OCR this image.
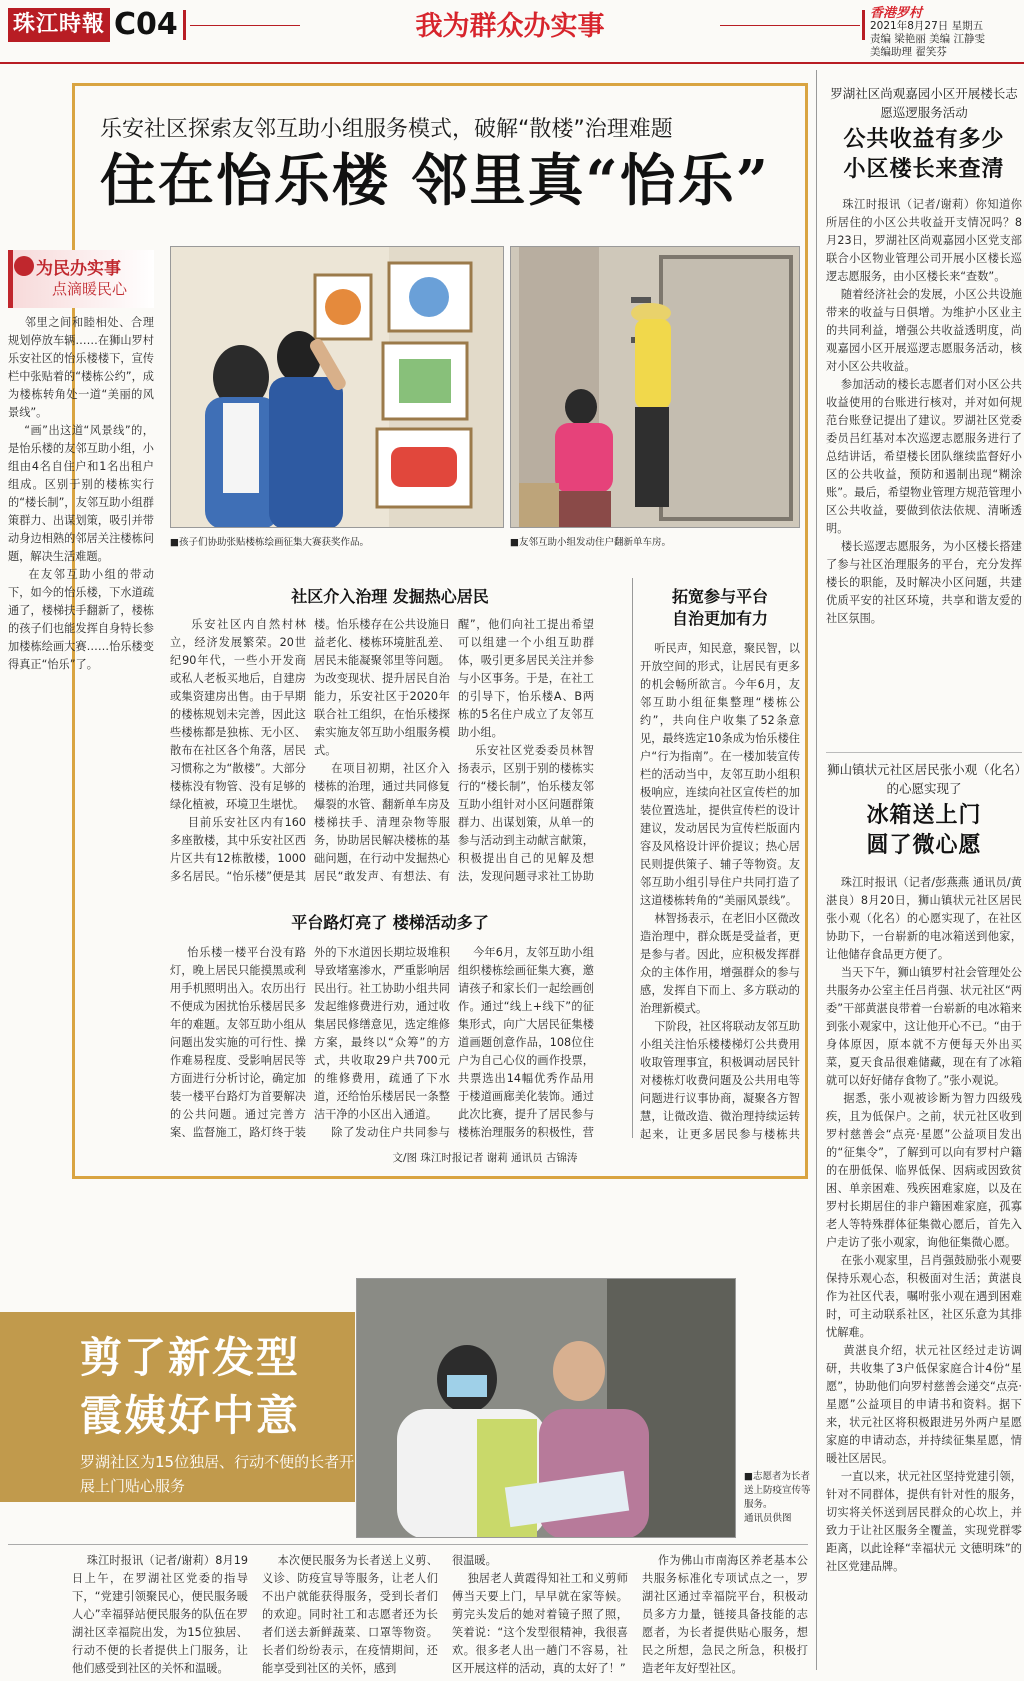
珠江時報 C04	我为群众办实事	香港罗村
2021年8月27日 星期五
责编 梁艳丽 美编 江静雯
美编助理 翟笑芬
乐安社区探索友邻互助小组服务模式，破解“散楼”治理难题
住在怡乐楼 邻里真“怡乐”
■孩子们协助张贴楼栋绘画征集大赛获奖作品。	■友邻互助小组发动住户翻新单车房。
为民办实事
点滴暖民心
邻里之间和睦相处、合理规划停放车辆……在狮山罗村乐安社区的怡乐楼楼下，宣传栏中张贴着的“楼栋公约”，成为楼栋转角处一道“美丽的风景线”。
“画”出这道“风景线”的，是怡乐楼的友邻互助小组，小组由4名自住户和1名出租户组成。区别于别的楼栋实行的“楼长制”，友邻互助小组群策群力、出谋划策，吸引并带动身边相熟的邻居关注楼栋问题，解决生活难题。
在友邻互助小组的带动下，如今的怡乐楼，下水道疏通了，楼梯扶手翻新了，楼栋的孩子们也能发挥自身特长参加楼栋绘画大赛……怡乐楼变得真正“怡乐”了。
社区介入治理 发掘热心居民
乐安社区内自然村林立，经济发展繁荣。20世纪90年代，一些小开发商或私人老板买地后，自建房或集资建房出售。由于早期的楼栋规划未完善，因此这些楼栋都是独栋、无小区、散布在社区各个角落，居民习惯称之为“散楼”。大部分楼栋没有物管、没有足够的绿化植被，环境卫生堪忧。
目前乐安社区内有160多座散楼，其中乐安社区西片区共有12栋散楼，1000多名居民。“怡乐楼”便是其
楼。怡乐楼存在公共设施日益老化、楼栋环境脏乱差、居民未能凝聚邻里等问题。为改变现状、提升居民自治能力，乐安社区于2020年联合社工组织，在怡乐楼探索实施友邻互助小组服务模式。
在项目初期，社区介入楼栋的治理，通过共同修复爆裂的水管、翻新单车房及楼梯扶手、清理杂物等服务，协助居民解决楼栋的基础问题，在行动中发掘热心居民“敢发声、有想法、有
醒”，他们向社工提出希望可以组建一个小组互助群体，吸引更多居民关注并参与小区事务。于是，在社工的引导下，怡乐楼A、B两栋的5名住户成立了友邻互助小组。
乐安社区党委委员林智扬表示，区别于别的楼栋实行的“楼长制”，怡乐楼友邻互助小组针对小区问题群策群力、出谋划策，从单一的参与活动到主动献言献策，积极提出自己的见解及想法，发现问题寻求社工协助
拓宽参与平台
自治更加有力
听民声，知民意，聚民智，以开放空间的形式，让居民有更多的机会畅所欲言。今年6月，友邻互助小组征集整理“楼栋公约”，共向住户收集了52条意见，最终选定10条成为怡乐楼住户“行为指南”。在一楼加装宣传栏的活动当中，友邻互助小组积极响应，连续向社区宣传栏的加装位置选址，提供宣传栏的设计建议，发动居民为宣传栏版面内容及风格设计评价提议；热心居民则提供策子、辅子等物资。友邻互助小组引导住户共同打造了这道楼栋转角的“美丽风景线”。
林智扬表示，在老旧小区微改造治理中，群众既是受益者，更是参与者。因此，应积极发挥群众的主体作用，增强群众的参与感，发挥自下而上、多方联动的治理新模式。
下阶段，社区将联动友邻互助小组关注怡乐楼楼梯灯公共费用收取管理事宜，积极调动居民针对楼栋灯收费问题及公共用电等问题进行议事协商，凝聚各方智慧，让微改造、微治理持续运转起来，让更多居民参与楼栋共
平台路灯亮了 楼梯活动多了
怡乐楼一楼平台没有路灯，晚上居民只能摸黑或利用手机照明出入。农历出行不便成为困扰怡乐楼居民多年的难题。友邻互助小组从问题出发实施的可行性、操作难易程度、受影响居民等方面进行分析讨论，确定加装一楼平台路灯为首要解决的公共问题。通过完善方案、监督施工，路灯终于装

外的下水道因长期垃圾堆积导致堵塞渗水，严重影响居民出行。社工协助小组共同发起维修费进行劝，通过收集居民修缮意见，选定维修方案，最终以“众筹”的方式，共收取29户共700元的维修费用，疏通了下水道，还给怡乐楼居民一条整洁干净的小区出入通道。
除了发动住户共同参与
今年6月，友邻互助小组组织楼栋绘画征集大赛，邀请孩子和家长们一起绘画创作。通过“线上+线下”的征集形式，向广大居民征集楼道画题创意作品，108位住户为自己心仪的画作投票，共票选出14幅优秀作品用于楼道画廊美化装饰。通过此次比赛，提升了居民参与楼栋治理服务的积极性，营
文/图 珠江时报记者 谢莉 通讯员 古锦涛
罗湖社区尚观嘉园小区开展楼长志愿巡逻服务活动
公共收益有多少
小区楼长来查清
珠江时报讯（记者/谢莉）你知道你所居住的小区公共收益开支情况吗？8月23日，罗湖社区尚观嘉园小区党支部联合小区物业管理公司开展小区楼长巡逻志愿服务，由小区楼长来“查数”。
随着经济社会的发展，小区公共设施带来的收益与日俱增。为维护小区业主的共同利益，增强公共收益透明度，尚观嘉园小区开展巡逻志愿服务活动，核对小区公共收益。
参加活动的楼长志愿者们对小区公共收益使用的台账进行核对，并对如何规范台账登记提出了建议。罗湖社区党委委员吕红基对本次巡逻志愿服务进行了总结讲话，希望楼长团队继续监督好小区的公共收益，预防和遏制出现“糊涂账”。最后，希望物业管理方规范管理小区公共收益，要做到依法依规、清晰透明。
楼长巡逻志愿服务，为小区楼长搭建了参与社区治理服务的平台，充分发挥楼长的职能，及时解决小区问题，共建优质平安的社区环境，共享和谐友爱的社区氛围。
狮山镇状元社区居民张小观（化名）的心愿实现了
冰箱送上门
圆了微心愿
珠江时报讯（记者/彭燕燕 通讯员/黄湛良）8月20日，狮山镇状元社区居民张小观（化名）的心愿实现了，在社区协助下，一台崭新的电冰箱送到他家，让他储存食品更方便了。
当天下午，狮山镇罗村社会管理处公共服务办公室主任吕肖强、状元社区“两委”干部黄湛良带着一台崭新的电冰箱来到张小观家中，这让他开心不已。“由于身体原因，原本就不方便每天外出买菜，夏天食品很难储藏，现在有了冰箱就可以好好储存食物了。”张小观说。
据悉，张小观被诊断为智力四级残疾，且为低保户。之前，状元社区收到罗村慈善会“点亮·星愿”公益项目发出的“征集令”，了解到可以向有罗村户籍的在册低保、临界低保、因病或因致贫困、单亲困难、残疾困难家庭，以及在罗村长期居住的非户籍困难家庭，孤寡老人等特殊群体征集微心愿后，首先入户走访了张小观家，询他征集微心愿。
在张小观家里，吕肖强鼓励张小观要保持乐观心态，积极面对生活；黄湛良作为社区代表，嘱咐张小观在遇到困难时，可主动联系社区，社区乐意为其排忧解难。
黄湛良介绍，状元社区经过走访调研，共收集了3户低保家庭合计4份“星愿”，协助他们向罗村慈善会递交“点亮·星愿”公益项目的申请书和资料。据下来，状元社区将积极跟进另外两户星愿家庭的申请动态，并持续征集星愿，情暖社区居民。
一直以来，状元社区坚持党建引领，针对不同群体，提供有针对性的服务，切实将关怀送到居民群众的心坎上，并致力于让社区服务全覆盖，实现党群零距离，以此诠释“幸福状元 文德明珠”的社区党建品牌。
剪了新发型
霞姨好中意
罗湖社区为15位独居、行动不便的长者开展上门贴心服务
■志愿者为长者送上防疫宣传等服务。
通讯员供图
珠江时报讯（记者/谢莉）8月19日上午，在罗湖社区党委的指导下，“党建引领聚民心，便民服务暖人心”幸福驿站便民服务的队伍在罗湖社区幸福院出发，为15位独居、行动不便的长者提供上门服务，让他们感受到社区的关怀和温暖。
本次便民服务为长者送上义剪、义诊、防疫宣导等服务，让老人们不出户就能获得服务，受到长者们的欢迎。同时社工和志愿者还为长者们送去新鲜蔬菜、口罩等物资。长者们纷纷表示，在疫情期间，还能享受到社区的关怀，感到
很温暖。
独居老人黄霞得知社工和义剪师傅当天要上门，早早就在家等候。剪完头发后的她对着镜子照了照，笑着说：“这个发型很精神，我很喜欢。很多老人出一趟门不容易，社区开展这样的活动，真的太好了！”
作为佛山市南海区养老基本公共服务标准化专项试点之一，罗湖社区通过幸福院平台，积极动员多方力量，链接具备技能的志愿者，为长者提供贴心服务，想民之所想，急民之所急，积极打造老年友好型社区。
